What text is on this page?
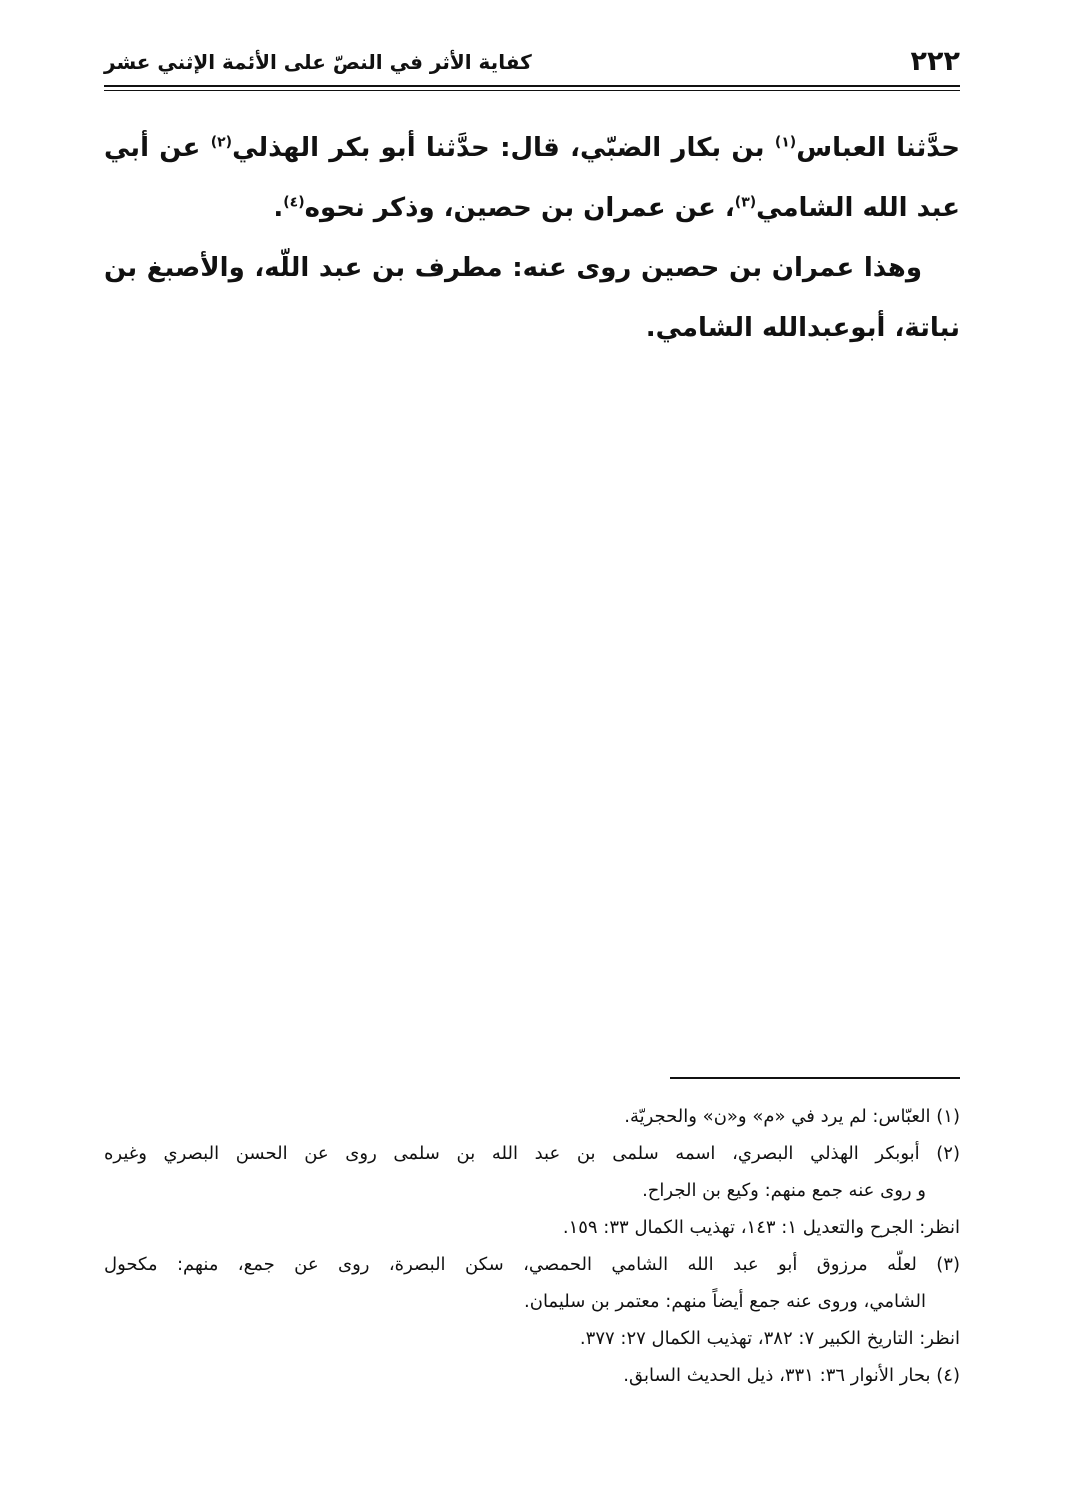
٢٢٢
كفاية الأثر في النصّ على الأئمة الإثني عشر

حدَّثنا العباس$^{(١)}$ بن بكار الضبّي، قال: حدَّثنا أبو بكر الهذلي$^{(٢)}$ عن أبي عبد الله الشامي$^{(٣)}$، عن عمران بن حصين، وذكر نحوه$^{(٤)}$.

وهذا عمران بن حصين روى عنه: مطرف بن عبد اللّه، والأصبغ بن نباتة، أبوعبدالله الشامي.

(١) العبّاس: لم يرد في «م» و«ن» والحجريّة.
(٢) أبوبكر الهذلي البصري، اسمه سلمى بن عبد الله بن سلمى روى عن الحسن البصري وغيره
و روى عنه جمع منهم: وكيع بن الجراح.
انظر: الجرح والتعديل ١: ١٤٣، تهذيب الكمال ٣٣: ١٥٩.
(٣) لعلّه مرزوق أبو عبد الله الشامي الحمصي، سكن البصرة، روى عن جمع، منهم: مكحول
الشامي، وروى عنه جمع أيضاً منهم: معتمر بن سليمان.
انظر: التاريخ الكبير ٧: ٣٨٢، تهذيب الكمال ٢٧: ٣٧٧.
(٤) بحار الأنوار ٣٦: ٣٣١، ذيل الحديث السابق.
